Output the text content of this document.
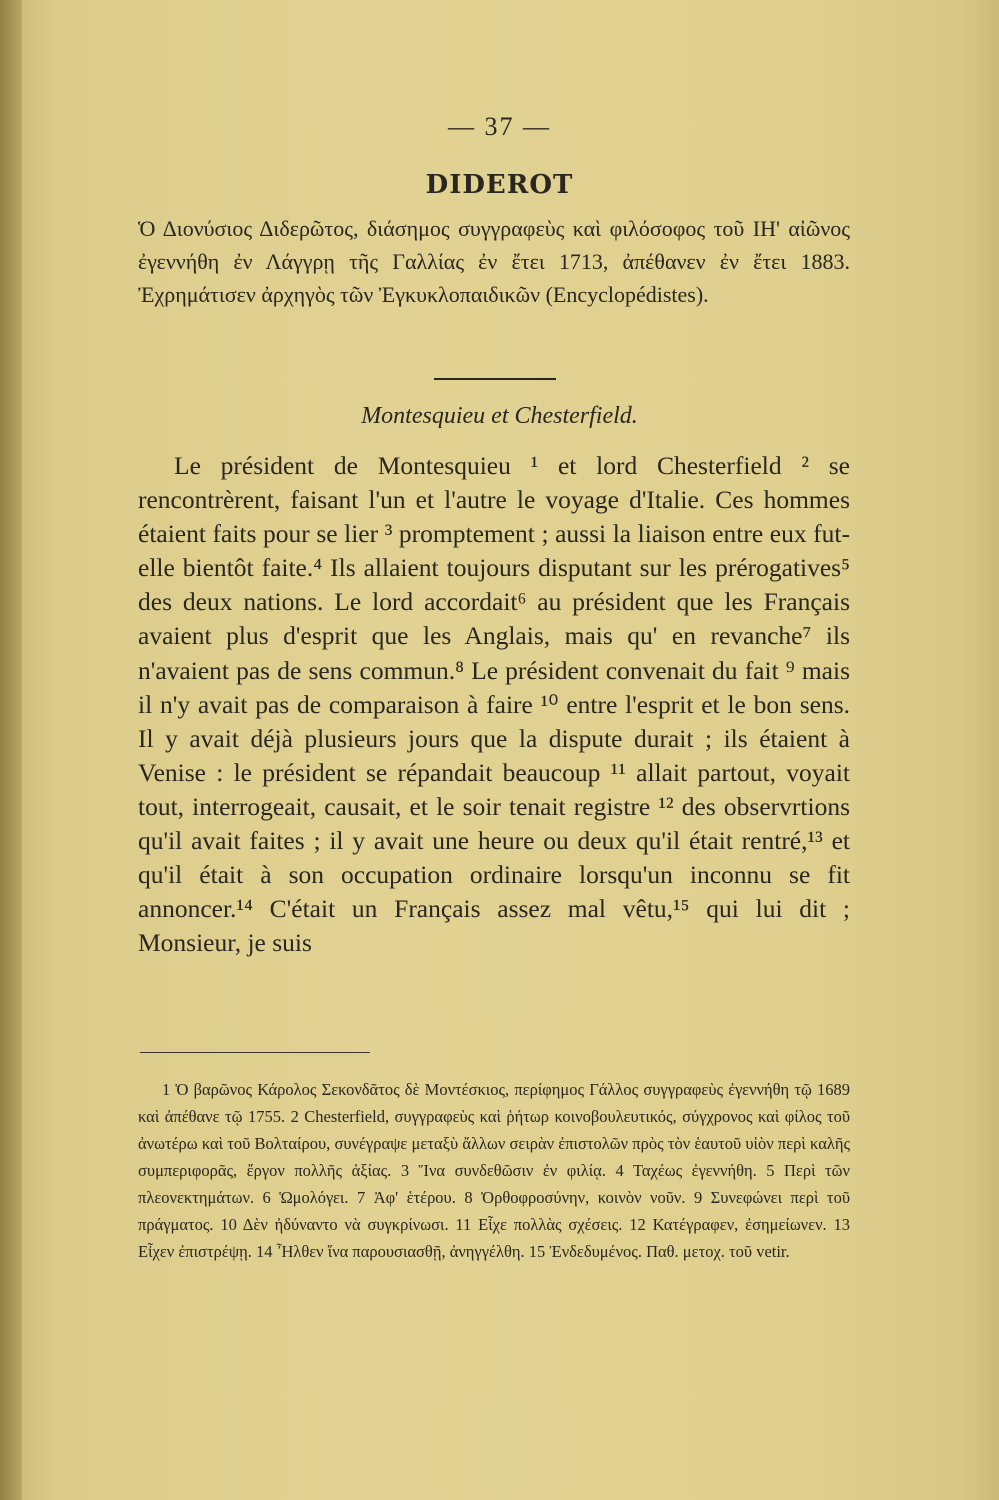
— 37 —
DIDEROT

Ὁ Διονύσιος Διδερῶτος, διάσημος συγγραφεὺς καὶ φιλόσοφος τοῦ ΙΗ' αἰῶνος ἐγεννήθη ἐν Λάγγρῃ τῆς Γαλλίας ἐν ἔτει 1713, ἀπέθανεν ἐν ἔτει 1883. Ἐχρημάτισεν ἀρχηγὸς τῶν Ἐγκυκλοπαιδικῶν (Encyclopédistes).

Montesquieu et Chesterfield.

Le président de Montesquieu ¹ et lord Chesterfield ² se rencontrèrent, faisant l'un et l'autre le voyage d'Italie. Ces hommes étaient faits pour se lier ³ promptement ; aussi la liaison entre eux fut-elle bientôt faite.⁴ Ils allaient toujours disputant sur les prérogatives⁵ des deux nations. Le lord accordait⁶ au président que les Français avaient plus d'esprit que les Anglais, mais qu' en revanche⁷ ils n'avaient pas de sens commun.⁸ Le président convenait du fait ⁹ mais il n'y avait pas de comparaison à faire ¹⁰ entre l'esprit et le bon sens. Il y avait déjà plusieurs jours que la dispute durait ; ils étaient à Venise : le président se répandait beaucoup ¹¹ allait partout, voyait tout, interrogeait, causait, et le soir tenait registre ¹² des observrtions qu'il avait faites ; il y avait une heure ou deux qu'il était rentré,¹³ et qu'il était à son occupation ordinaire lorsqu'un inconnu se fit annoncer.¹⁴ C'était un Français assez mal vêtu,¹⁵ qui lui dit ; Monsieur, je suis

1 Ὁ βαρῶνος Κάρολος Σεκονδᾶτος δὲ Μοντέσκιος, περίφημος Γάλλος συγγραφεὺς ἐγεννήθη τῷ 1689 καὶ ἀπέθανε τῷ 1755. 2 Chesterfield, συγγραφεὺς καὶ ῥήτωρ κοινοβουλευτικός, σύγχρονος καὶ φίλος τοῦ ἀνωτέρω καὶ τοῦ Βολταίρου, συνέγραψε μεταξὺ ἄλλων σειρὰν ἐπιστολῶν πρὸς τὸν ἑαυτοῦ υἱὸν περὶ καλῆς συμπεριφορᾶς, ἔργον πολλῆς ἀξίας. 3 Ἵνα συνδεθῶσιν ἐν φιλίᾳ. 4 Ταχέως ἐγεννήθη. 5 Περὶ τῶν πλεονεκτημάτων. 6 Ὡμολόγει. 7 Ἀφ' ἑτέρου. 8 Ὀρθοφροσύνην, κοινὸν νοῦν. 9 Συνεφώνει περὶ τοῦ πράγματος. 10 Δὲν ἠδύναντο νὰ συγκρίνωσι. 11 Εἶχε πολλὰς σχέσεις. 12 Κατέγραφεν, ἐσημείωνεν. 13 Εἶχεν ἐπιστρέψῃ. 14 Ἦλθεν ἵνα παρουσιασθῇ, ἀνηγγέλθη. 15 Ἐνδεδυμένος. Παθ. μετοχ. τοῦ vetir.
